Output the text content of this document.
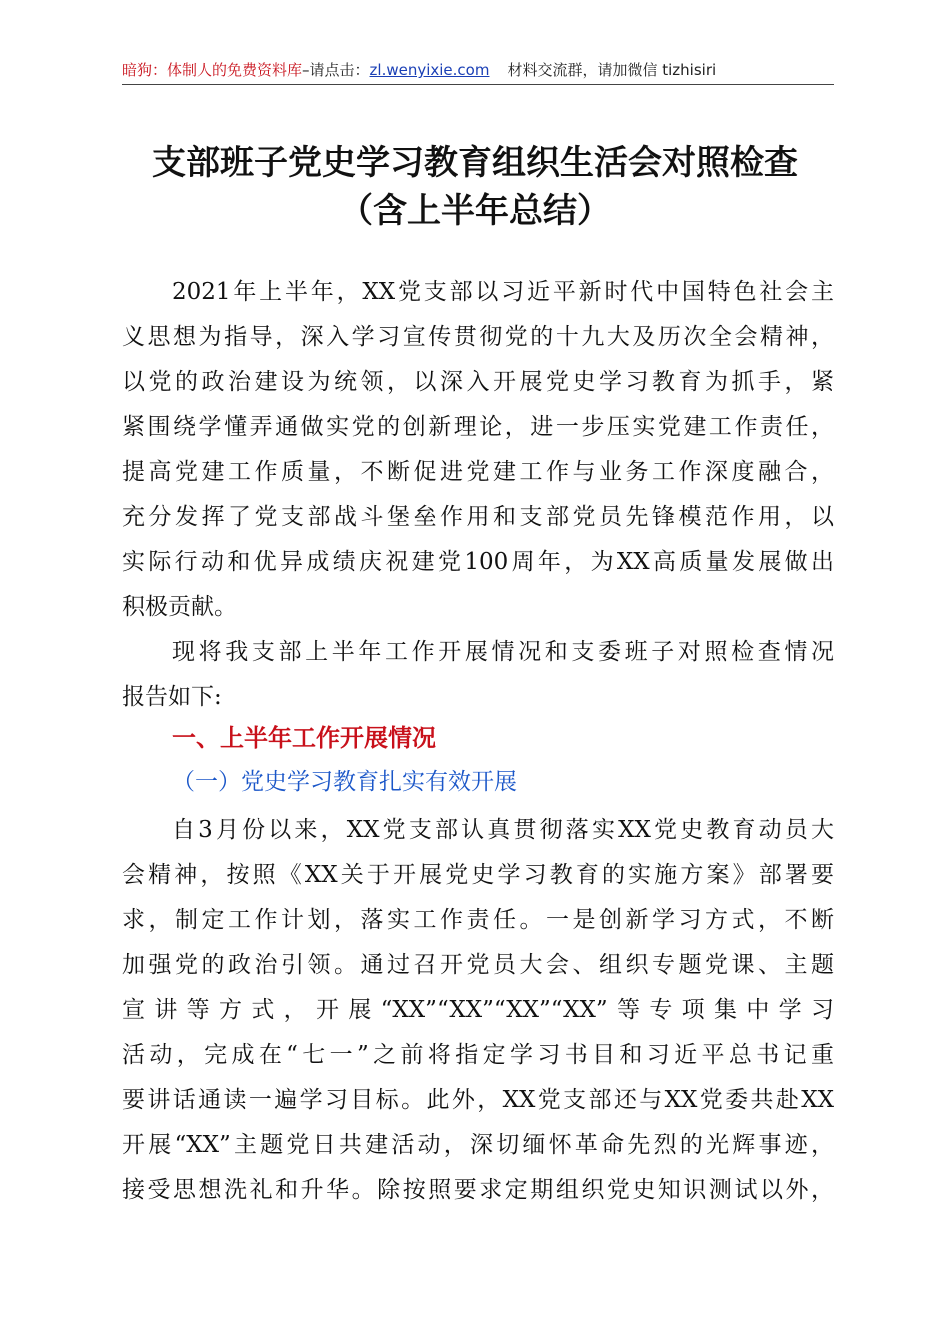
暗狗：体制人的免费资料库–请点击：zl.wenyixie.com 材料交流群，请加微信 tizhisiri
支部班子党史学习教育组织生活会对照检查
（含上半年总结）
2021年上半年，XX党支部以习近平新时代中国特色社会主
义思想为指导，深入学习宣传贯彻党的十九大及历次全会精神，
以党的政治建设为统领，以深入开展党史学习教育为抓手，紧
紧围绕学懂弄通做实党的创新理论，进一步压实党建工作责任，
提高党建工作质量，不断促进党建工作与业务工作深度融合，
充分发挥了党支部战斗堡垒作用和支部党员先锋模范作用，以
实际行动和优异成绩庆祝建党100周年，为XX高质量发展做出
积极贡献。
现将我支部上半年工作开展情况和支委班子对照检查情况
报告如下:
一、上半年工作开展情况
（一）党史学习教育扎实有效开展
自3月份以来，XX党支部认真贯彻落实XX党史教育动员大
会精神，按照《XX关于开展党史学习教育的实施方案》部署要
求，制定工作计划，落实工作责任。一是创新学习方式，不断
加强党的政治引领。通过召开党员大会、组织专题党课、主题
宣讲等方式，开展“XX”“XX”“XX”“XX”等专项集中学习
活动，完成在“七一”之前将指定学习书目和习近平总书记重
要讲话通读一遍学习目标。此外，XX党支部还与XX党委共赴XX
开展“XX”主题党日共建活动，深切缅怀革命先烈的光辉事迹，
接受思想洗礼和升华。除按照要求定期组织党史知识测试以外，
